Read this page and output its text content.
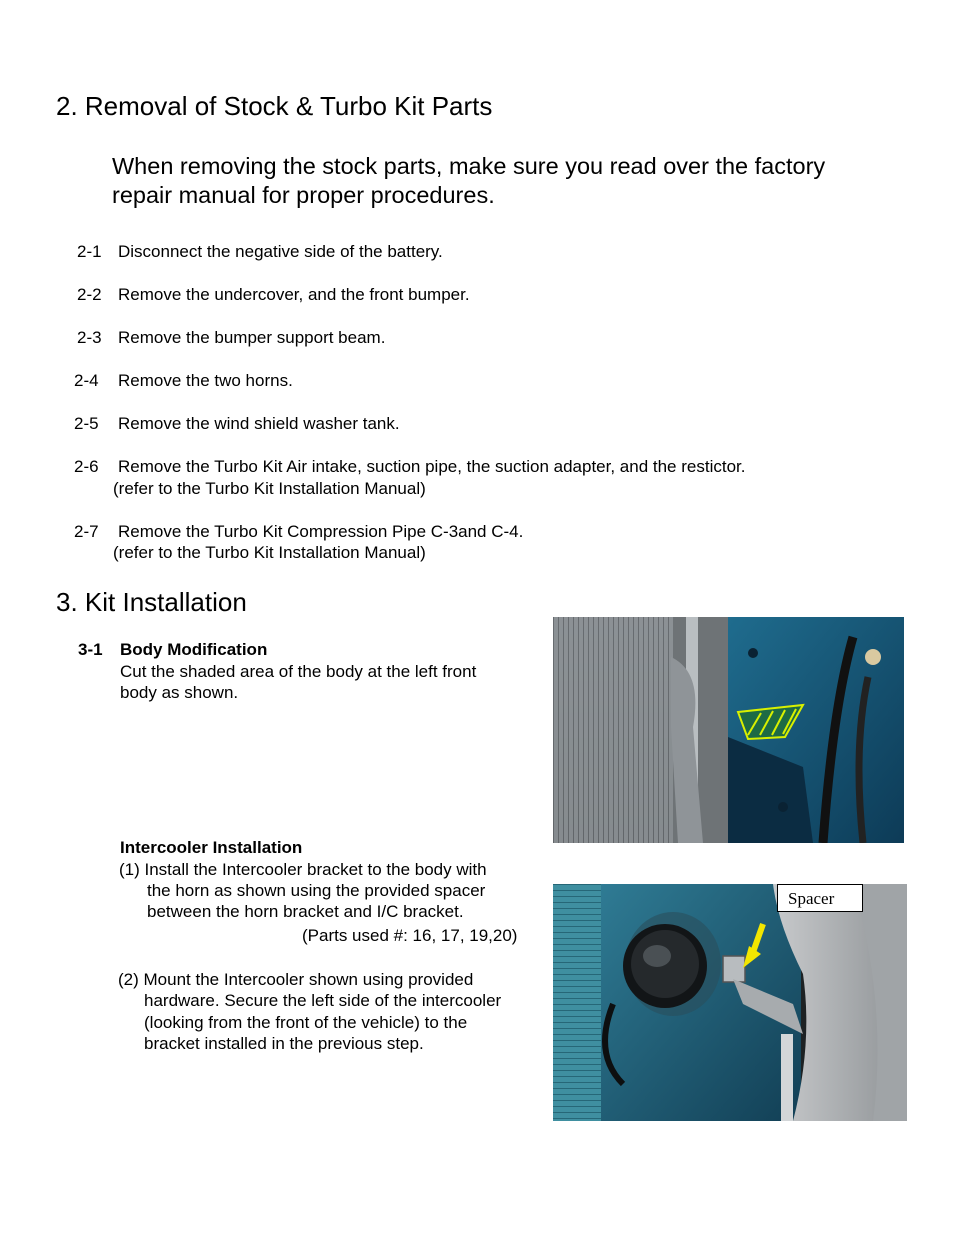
2. Removal of Stock & Turbo Kit Parts
When removing the stock parts, make sure you read over the factory
repair manual for proper procedures.
2-1 Disconnect the negative side of the battery.
2-2 Remove the undercover, and the front bumper.
2-3 Remove the bumper support beam.
2-4 Remove the two horns.
2-5 Remove the wind shield washer tank.
2-6 Remove the Turbo Kit Air intake, suction pipe, the suction adapter, and the restictor.
(refer to the Turbo Kit Installation Manual)
2-7 Remove the Turbo Kit Compression Pipe C-3and C-4.
(refer to the Turbo Kit Installation Manual)
3. Kit Installation
3-1 Body Modification
Cut the shaded area of the body at the left front
body as shown.
Intercooler Installation
(1) Install the Intercooler bracket to the body with
the horn as shown using the provided spacer
between the horn bracket and I/C bracket.
(Parts used #: 16, 17, 19,20)
(2) Mount the Intercooler shown using provided
hardware. Secure the left side of the intercooler
(looking from the front of the vehicle) to the
bracket installed in the previous step.
Spacer
